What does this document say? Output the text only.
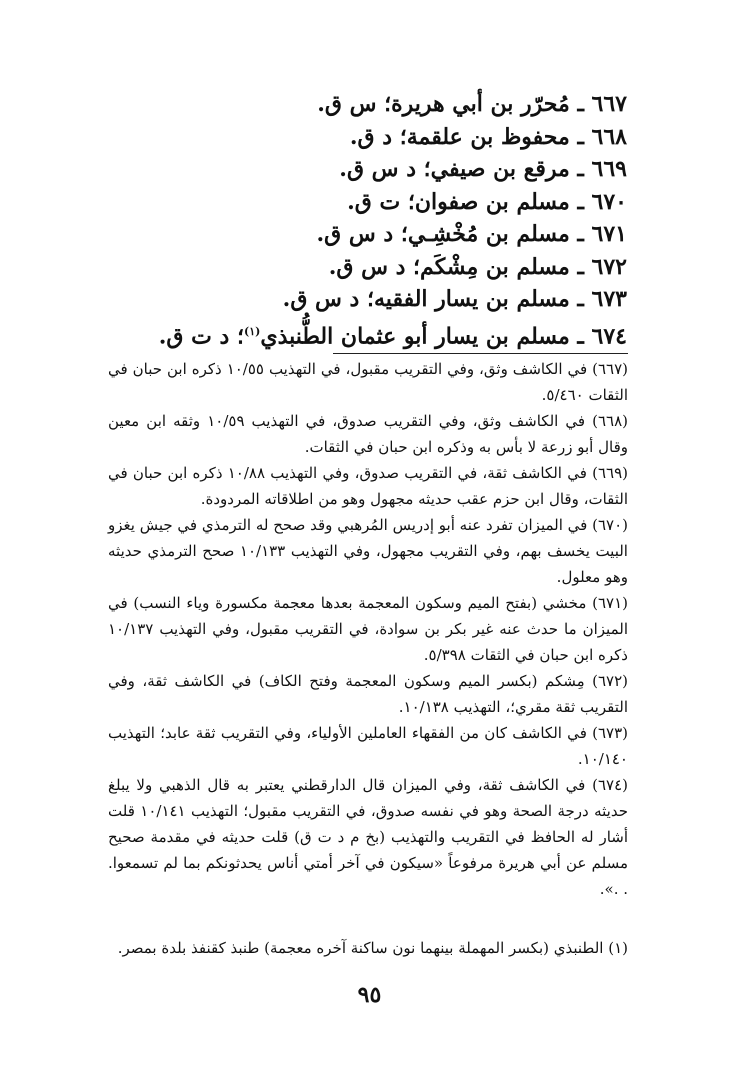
٦٦٧ ـ مُحرّر بن أبي هريرة؛ س ق.
٦٦٨ ـ محفوظ بن علقمة؛ د ق.
٦٦٩ ـ مرقع بن صيفي؛ د س ق.
٦٧٠ ـ مسلم بن صفوان؛ ت ق.
٦٧١ ـ مسلم بن مُخْشِـي؛ د س ق.
٦٧٢ ـ مسلم بن مِشْكَم؛ د س ق.
٦٧٣ ـ مسلم بن يسار الفقيه؛ د س ق.
٦٧٤ ـ مسلم بن يسار أبو عثمان الطُّنبذي$^{(١)}$؛ د ت ق.
(٦٦٧) في الكاشف وثق، وفي التقريب مقبول، في التهذيب ١٠/٥٥ ذكره ابن حبان في الثقات ٥/٤٦٠.
(٦٦٨) في الكاشف وثق، وفي التقريب صدوق، في التهذيب ١٠/٥٩ وثقه ابن معين وقال أبو زرعة لا بأس به وذكره ابن حبان في الثقات.
(٦٦٩) في الكاشف ثقة، في التقريب صدوق، وفي التهذيب ١٠/٨٨ ذكره ابن حبان في الثقات، وقال ابن حزم عقب حديثه مجهول وهو من اطلاقاته المردودة.
(٦٧٠) في الميزان تفرد عنه أبو إدريس المُرهبي وقد صحح له الترمذي في جيش يغزو البيت يخسف بهم، وفي التقريب مجهول، وفي التهذيب ١٠/١٣٣ صحح الترمذي حديثه وهو معلول.
(٦٧١) مخشي (بفتح الميم وسكون المعجمة بعدها معجمة مكسورة وياء النسب) في الميزان ما حدث عنه غير بكر بن سوادة، في التقريب مقبول، وفي التهذيب ١٠/١٣٧ ذكره ابن حبان في الثقات ٥/٣٩٨.
(٦٧٢) مِشكم (بكسر الميم وسكون المعجمة وفتح الكاف) في الكاشف ثقة، وفي التقريب ثقة مقري؛، التهذيب ١٠/١٣٨.
(٦٧٣) في الكاشف كان من الفقهاء العاملين الأولياء، وفي التقريب ثقة عابد؛ التهذيب ١٠/١٤٠.
(٦٧٤) في الكاشف ثقة، وفي الميزان قال الدارقطني يعتبر به قال الذهبي ولا يبلغ حديثه درجة الصحة وهو في نفسه صدوق، في التقريب مقبول؛ التهذيب ١٠/١٤١ قلت أشار له الحافظ في التقريب والتهذيب (بخ م د ت ق) قلت حديثه في مقدمة صحيح مسلم عن أبي هريرة مرفوعاً «سيكون في آخر أمتي أناس يحدثونكم بما لم تسمعوا. . .».
(١) الطنبذي (بكسر المهملة بينهما نون ساكنة آخره معجمة) طنبذ كقنفذ بلدة بمصر.
٩٥
